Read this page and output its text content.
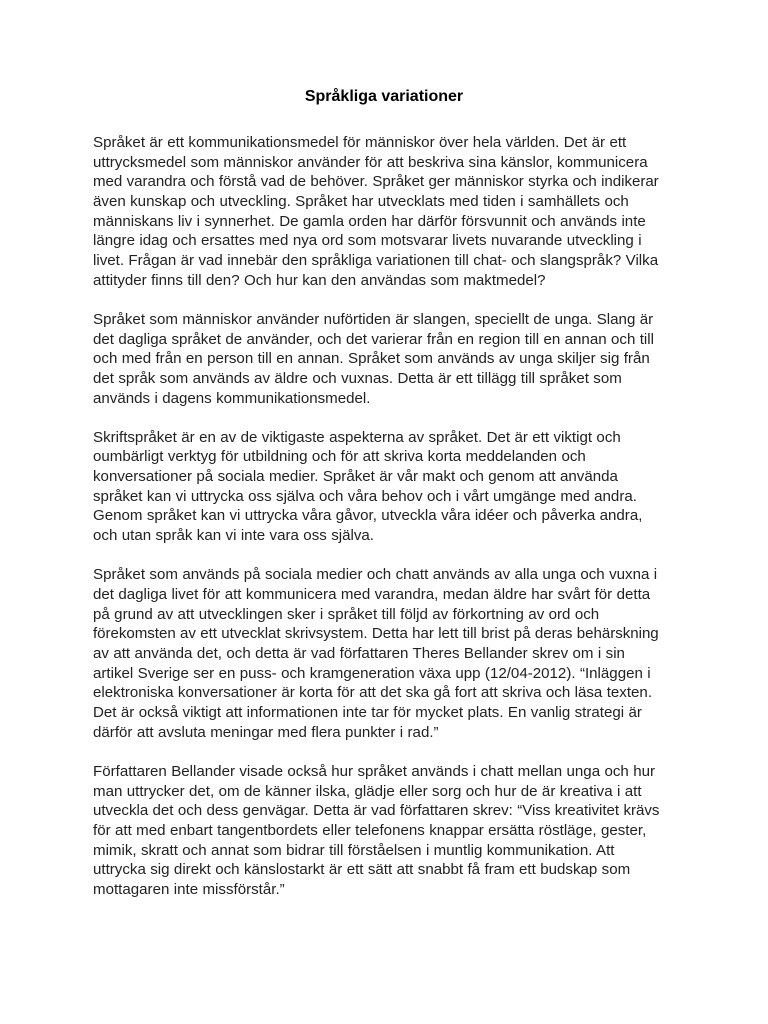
Språkliga variationer

Språket är ett kommunikationsmedel för människor över hela världen. Det är ett
uttrycksmedel som människor använder för att beskriva sina känslor, kommunicera
med varandra och förstå vad de behöver. Språket ger människor styrka och indikerar
även kunskap och utveckling. Språket har utvecklats med tiden i samhällets och
människans liv i synnerhet. De gamla orden har därför försvunnit och används inte
längre idag och ersattes med nya ord som motsvarar livets nuvarande utveckling i
livet. Frågan är vad innebär den språkliga variationen till chat- och slangspråk? Vilka
attityder finns till den? Och hur kan den användas som maktmedel?

Språket som människor använder nuförtiden är slangen, speciellt de unga. Slang är
det dagliga språket de använder, och det varierar från en region till en annan och till
och med från en person till en annan. Språket som används av unga skiljer sig från
det språk som används av äldre och vuxnas. Detta är ett tillägg till språket som
används i dagens kommunikationsmedel.

Skriftspråket är en av de viktigaste aspekterna av språket. Det är ett viktigt och
oumbärligt verktyg för utbildning och för att skriva korta meddelanden och
konversationer på sociala medier. Språket är vår makt och genom att använda
språket kan vi uttrycka oss själva och våra behov och i vårt umgänge med andra.
Genom språket kan vi uttrycka våra gåvor, utveckla våra idéer och påverka andra,
och utan språk kan vi inte vara oss själva.

Språket som används på sociala medier och chatt används av alla unga och vuxna i
det dagliga livet för att kommunicera med varandra, medan äldre har svårt för detta
på grund av att utvecklingen sker i språket till följd av förkortning av ord och
förekomsten av ett utvecklat skrivsystem. Detta har lett till brist på deras behärskning
av att använda det, och detta är vad författaren Theres Bellander skrev om i sin
artikel Sverige ser en puss- och kramgeneration växa upp (12/04-2012). “Inläggen i
elektroniska konversationer är korta för att det ska gå fort att skriva och läsa texten.
Det är också viktigt att informationen inte tar för mycket plats. En vanlig strategi är
därför att avsluta meningar med flera punkter i rad.”

Författaren Bellander visade också hur språket används i chatt mellan unga och hur
man uttrycker det, om de känner ilska, glädje eller sorg och hur de är kreativa i att
utveckla det och dess genvägar. Detta är vad författaren skrev: “Viss kreativitet krävs
för att med enbart tangentbordets eller telefonens knappar ersätta röstläge, gester,
mimik, skratt och annat som bidrar till förståelsen i muntlig kommunikation. Att
uttrycka sig direkt och känslostarkt är ett sätt att snabbt få fram ett budskap som
mottagaren inte missförstår.”
